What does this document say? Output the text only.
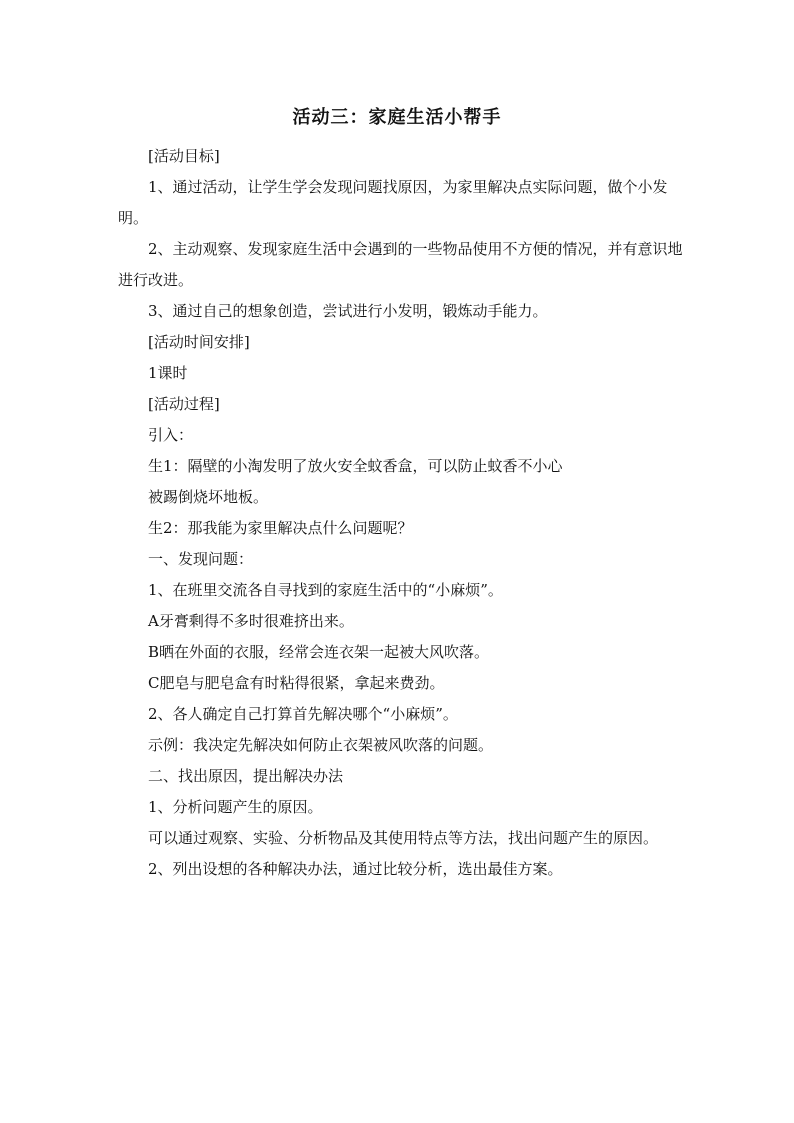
活动三：家庭生活小帮手

[活动目标]

1、通过活动，让学生学会发现问题找原因，为家里解决点实际问题，做个小发明。

2、主动观察、发现家庭生活中会遇到的一些物品使用不方便的情况，并有意识地进行改进。

3、通过自己的想象创造，尝试进行小发明，锻炼动手能力。

[活动时间安排]

1课时

[活动过程]

引入：

生1：隔壁的小淘发明了放火安全蚊香盒，可以防止蚊香不小心

被踢倒烧坏地板。

生2：那我能为家里解决点什么问题呢？

一、发现问题：

1、在班里交流各自寻找到的家庭生活中的“小麻烦”。

A牙膏剩得不多时很难挤出来。

B晒在外面的衣服，经常会连衣架一起被大风吹落。

C肥皂与肥皂盒有时粘得很紧，拿起来费劲。

2、各人确定自己打算首先解决哪个“小麻烦”。

示例：我决定先解决如何防止衣架被风吹落的问题。

二、找出原因，提出解决办法

1、分析问题产生的原因。

可以通过观察、实验、分析物品及其使用特点等方法，找出问题产生的原因。

2、列出设想的各种解决办法，通过比较分析，选出最佳方案。
